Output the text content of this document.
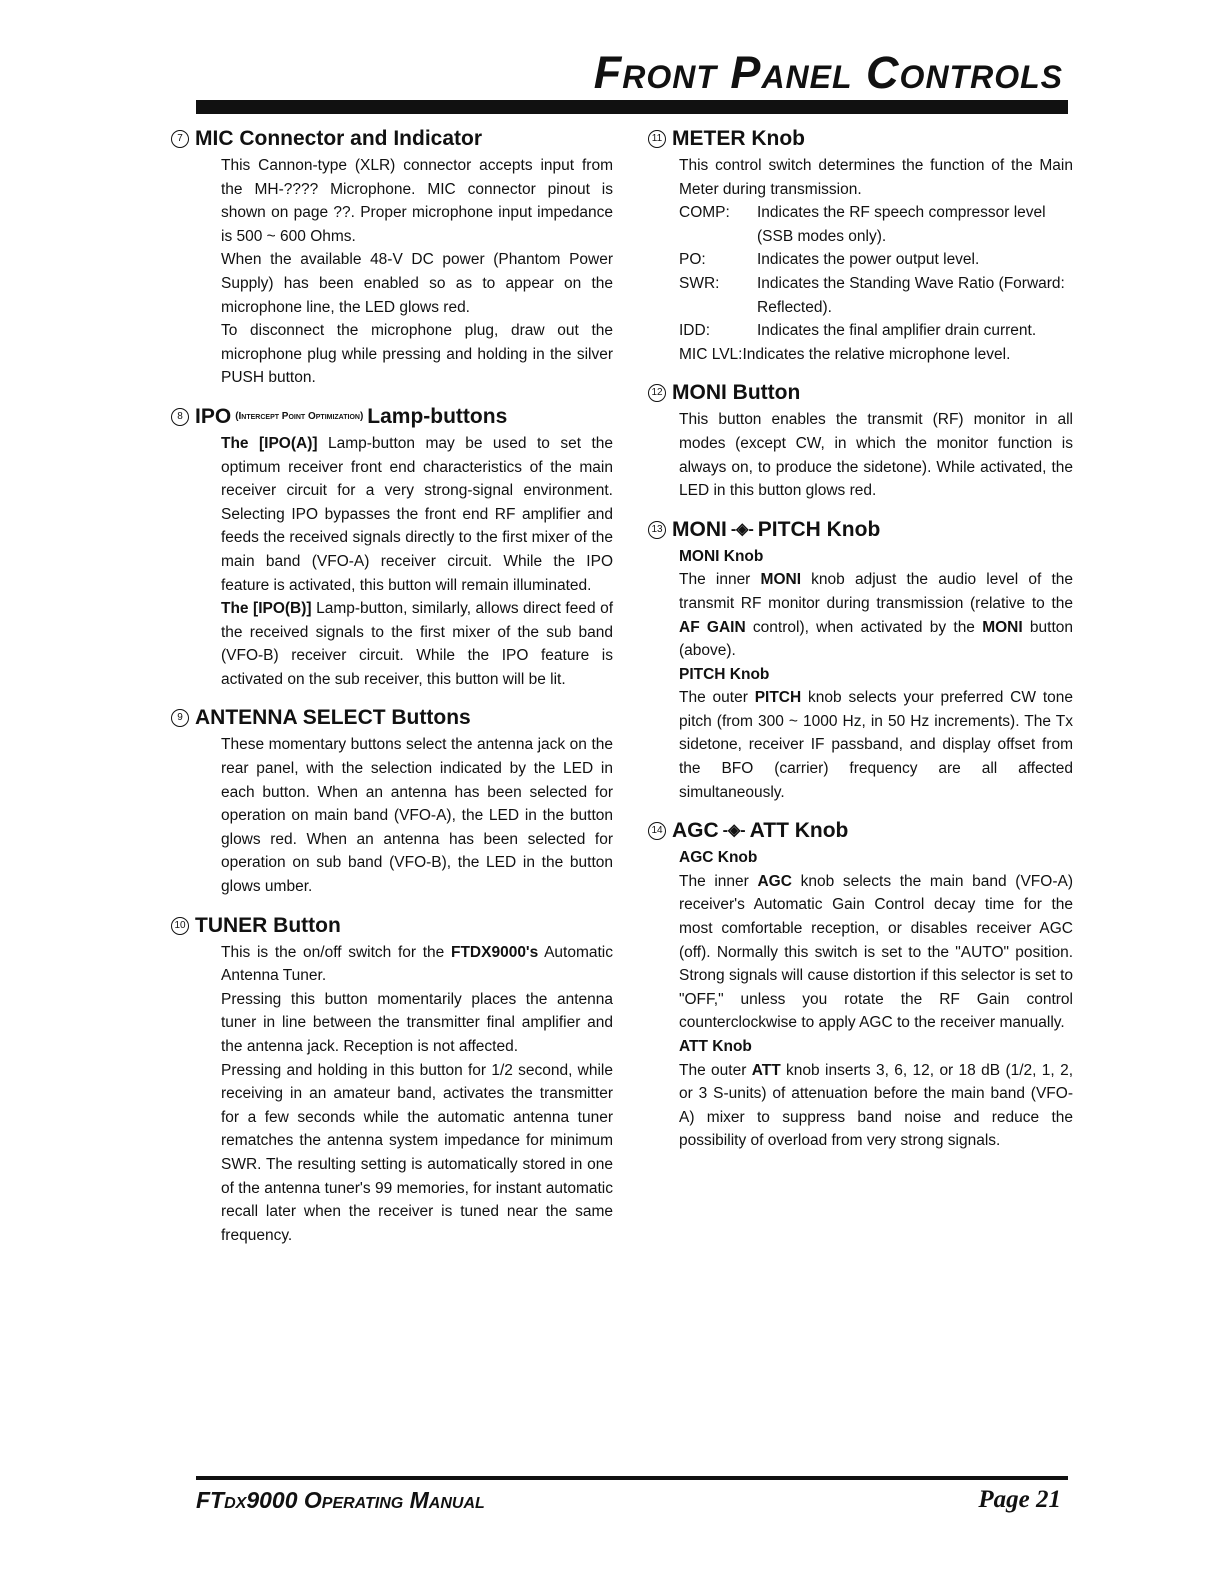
Front Panel Controls
7 MIC Connector and Indicator

This Cannon-type (XLR) connector accepts input from the MH-???? Microphone. MIC connector pinout is shown on page ??. Proper microphone input impedance is 500 ~ 600 Ohms.

When the available 48-V DC power (Phantom Power Supply) has been enabled so as to appear on the microphone line, the LED glows red.

To disconnect the microphone plug, draw out the microphone plug while pressing and holding in the silver PUSH button.

8 IPO (Intercept Point Optimization) Lamp-buttons

The [IPO(A)] Lamp-button may be used to set the optimum receiver front end characteristics of the main receiver circuit for a very strong-signal environment. Selecting IPO bypasses the front end RF amplifier and feeds the received signals directly to the first mixer of the main band (VFO-A) receiver circuit. While the IPO feature is activated, this button will remain illuminated.

The [IPO(B)] Lamp-button, similarly, allows direct feed of the received signals to the first mixer of the sub band (VFO-B) receiver circuit. While the IPO feature is activated on the sub receiver, this button will be lit.

9 ANTENNA SELECT Buttons

These momentary buttons select the antenna jack on the rear panel, with the selection indicated by the LED in each button. When an antenna has been selected for operation on main band (VFO-A), the LED in the button glows red. When an antenna has been selected for operation on sub band (VFO-B), the LED in the button glows umber.

10 TUNER Button

This is the on/off switch for the FTDX9000's Automatic Antenna Tuner.

Pressing this button momentarily places the antenna tuner in line between the transmitter final amplifier and the antenna jack. Reception is not affected.

Pressing and holding in this button for 1/2 second, while receiving in an amateur band, activates the transmitter for a few seconds while the automatic antenna tuner rematches the antenna system impedance for minimum SWR. The resulting setting is automatically stored in one of the antenna tuner's 99 memories, for instant automatic recall later when the receiver is tuned near the same frequency.

11 METER Knob

This control switch determines the function of the Main Meter during transmission.

COMP:	Indicates the RF speech compressor level (SSB modes only).
PO:	Indicates the power output level.
SWR:	Indicates the Standing Wave Ratio (Forward: Reflected).
IDD:	Indicates the final amplifier drain current.

MIC LVL:Indicates the relative microphone level.

12 MONI Button

This button enables the transmit (RF) monitor in all modes (except CW, in which the monitor function is always on, to produce the sidetone). While activated, the LED in this button glows red.

13 MONI -◈- PITCH Knob
MONI Knob

The inner MONI knob adjust the audio level of the transmit RF monitor during transmission (relative to the AF GAIN control), when activated by the MONI button (above).

PITCH Knob

The outer PITCH knob selects your preferred CW tone pitch (from 300 ~ 1000 Hz, in 50 Hz increments). The Tx sidetone, receiver IF passband, and display offset from the BFO (carrier) frequency are all affected simultaneously.

14 AGC -◈- ATT Knob
AGC Knob

The inner AGC knob selects the main band (VFO-A) receiver's Automatic Gain Control decay time for the most comfortable reception, or disables receiver AGC (off). Normally this switch is set to the "AUTO" position. Strong signals will cause distortion if this selector is set to "OFF," unless you rotate the RF Gain control counterclockwise to apply AGC to the receiver manually.

ATT Knob

The outer ATT knob inserts 3, 6, 12, or 18 dB (1/2, 1, 2, or 3 S-units) of attenuation before the main band (VFO-A) mixer to suppress band noise and reduce the possibility of overload from very strong signals.

FTdx9000 Operating Manual	Page 21
